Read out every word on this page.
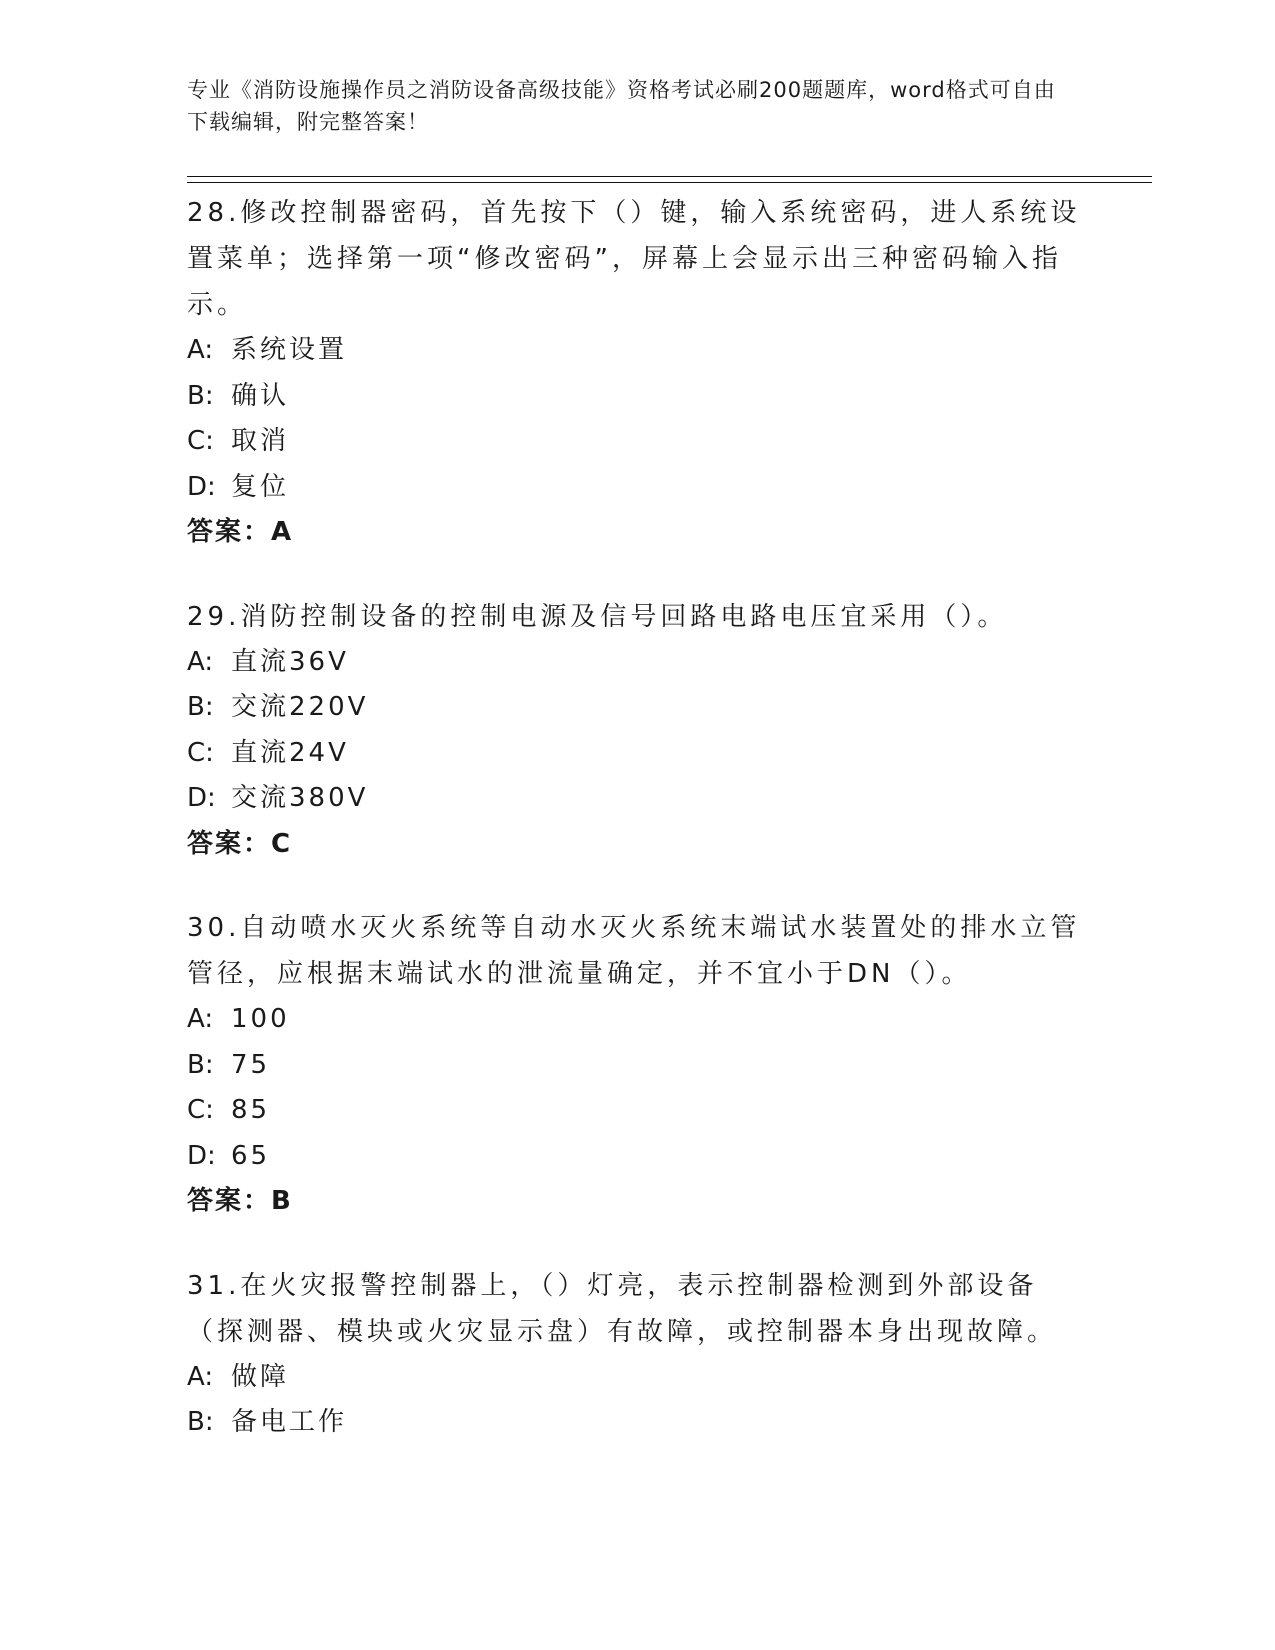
专业《消防设施操作员之消防设备高级技能》资格考试必刷200题题库，word格式可自由下载编辑，附完整答案！
28.修改控制器密码，首先按下（）键，输入系统密码，进人系统设置菜单；选择第一项“修改密码”，屏幕上会显示出三种密码输入指示。
A: 系统设置
B: 确认
C: 取消
D: 复位
答案：A
29.消防控制设备的控制电源及信号回路电路电压宜采用（）。
A: 直流36V
B: 交流220V
C: 直流24V
D: 交流380V
答案：C
30.自动喷水灭火系统等自动水灭火系统末端试水装置处的排水立管管径，应根据末端试水的泄流量确定，并不宜小于DN（）。
A: 100
B: 75
C: 85
D: 65
答案：B
31.在火灾报警控制器上，（）灯亮，表示控制器检测到外部设备（探测器、模块或火灾显示盘）有故障，或控制器本身出现故障。
A: 做障
B: 备电工作
